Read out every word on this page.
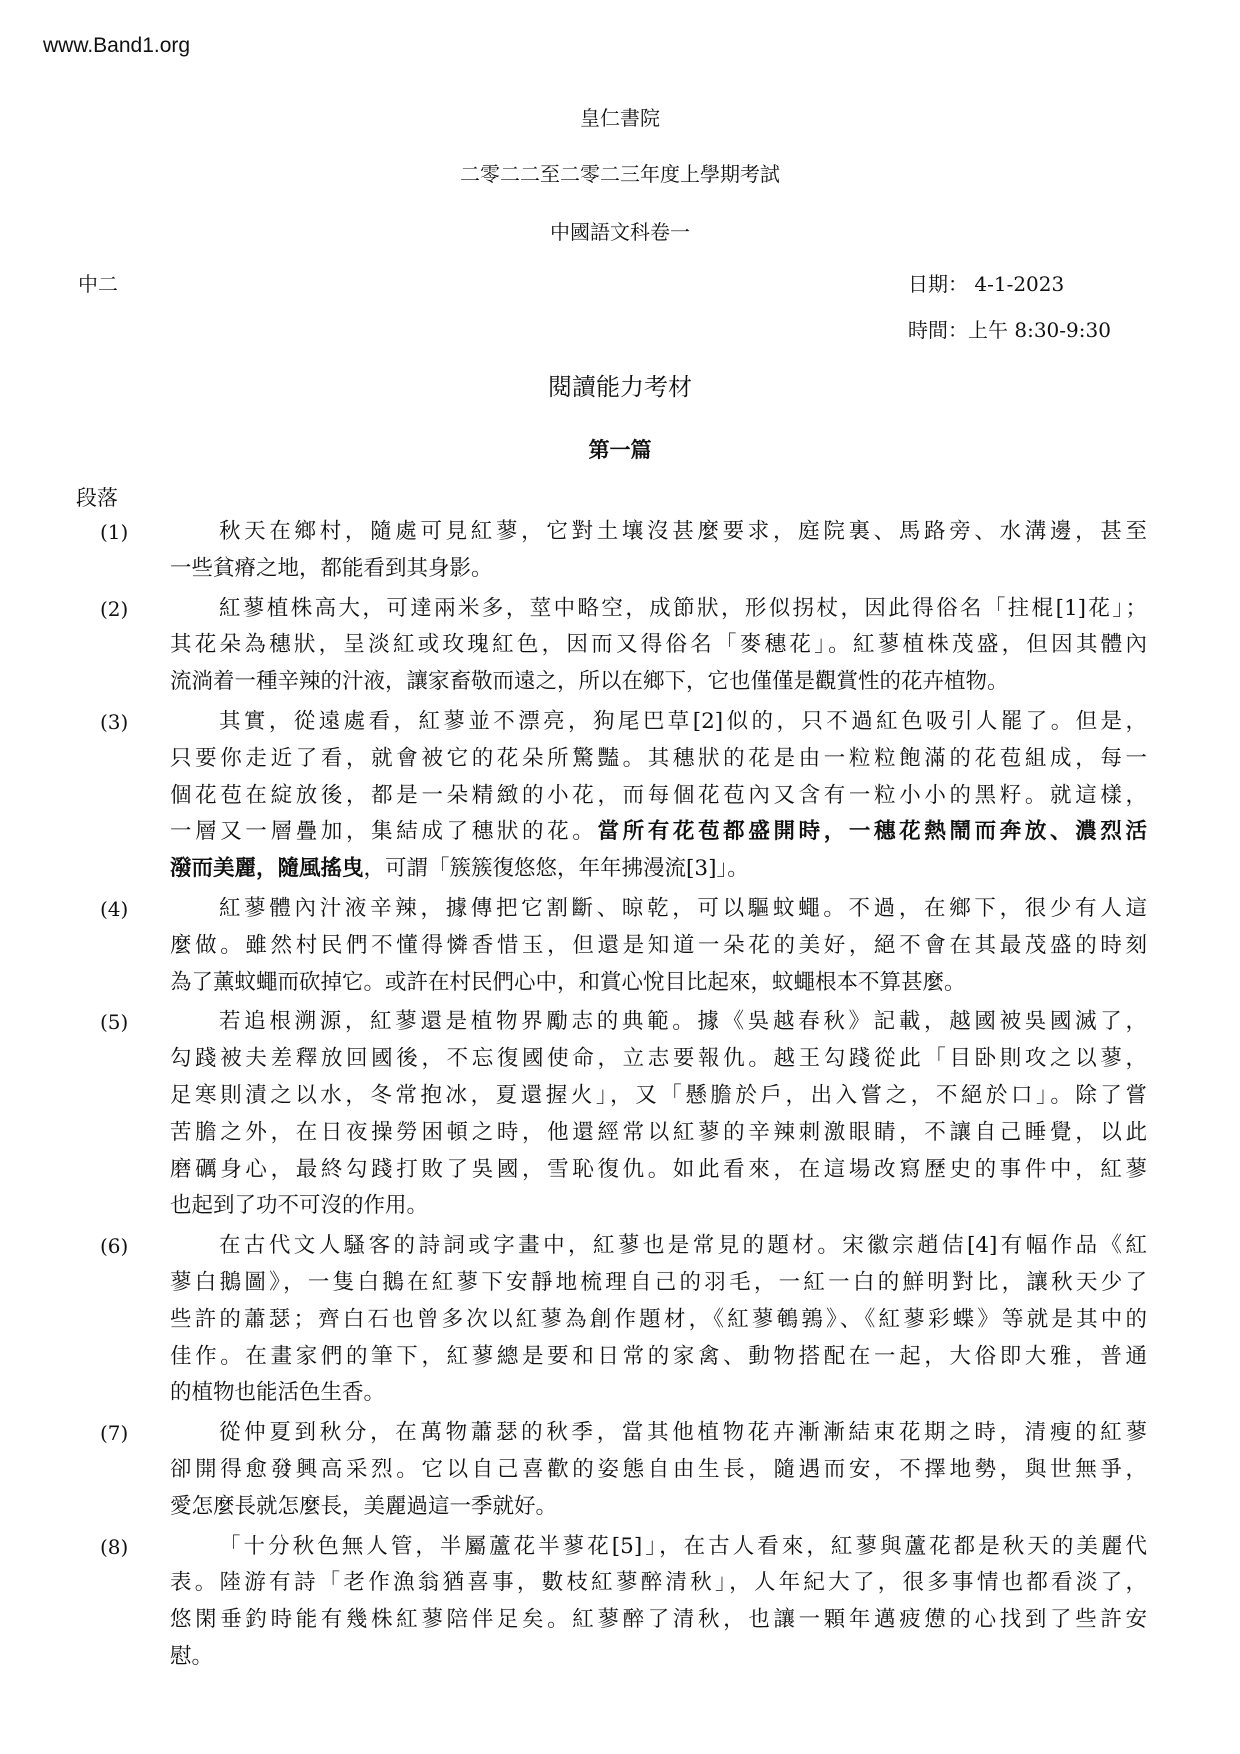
www.Band1.org
皇仁書院
二零二二至二零二三年度上學期考試
中國語文科卷一
中二	日期： 4-1-2023
時間：上午 8:30-9:30
閱讀能力考材
第一篇
段落
(1)	秋天在鄉村，隨處可見紅蓼，它對土壤沒甚麼要求，庭院裏、馬路旁、水溝邊，甚至
一些貧瘠之地，都能看到其身影。
(2)	紅蓼植株高大，可達兩米多，莖中略空，成節狀，形似拐杖，因此得俗名「拄棍[1]花」；
其花朵為穗狀，呈淡紅或玫瑰紅色，因而又得俗名「麥穗花」。紅蓼植株茂盛，但因其體內
流淌着一種辛辣的汁液，讓家畜敬而遠之，所以在鄉下，它也僅僅是觀賞性的花卉植物。
(3)	其實，從遠處看，紅蓼並不漂亮，狗尾巴草[2]似的，只不過紅色吸引人罷了。但是，
只要你走近了看，就會被它的花朵所驚豔。其穗狀的花是由一粒粒飽滿的花苞組成，每一
個花苞在綻放後，都是一朵精緻的小花，而每個花苞內又含有一粒小小的黑籽。就這樣，
一層又一層疊加，集結成了穗狀的花。當所有花苞都盛開時，一穗花熱鬧而奔放、濃烈活
潑而美麗，隨風搖曳，可謂「簇簇復悠悠，年年拂漫流[3]」。
(4)	紅蓼體內汁液辛辣，據傳把它割斷、晾乾，可以驅蚊蠅。不過，在鄉下，很少有人這
麼做。雖然村民們不懂得憐香惜玉，但還是知道一朵花的美好，絕不會在其最茂盛的時刻
為了薰蚊蠅而砍掉它。或許在村民們心中，和賞心悅目比起來，蚊蠅根本不算甚麼。
(5)	若追根溯源，紅蓼還是植物界勵志的典範。據《吳越春秋》記載，越國被吳國滅了，
勾踐被夫差釋放回國後，不忘復國使命，立志要報仇。越王勾踐從此「目卧則攻之以蓼，
足寒則漬之以水，冬常抱冰，夏還握火」，又「懸膽於戶，出入嘗之，不絕於口」。除了嘗
苦膽之外，在日夜操勞困頓之時，他還經常以紅蓼的辛辣刺激眼睛，不讓自己睡覺，以此
磨礪身心，最終勾踐打敗了吳國，雪恥復仇。如此看來，在這場改寫歷史的事件中，紅蓼
也起到了功不可沒的作用。
(6)	在古代文人騷客的詩詞或字畫中，紅蓼也是常見的題材。宋徽宗趙佶[4]有幅作品《紅
蓼白鵝圖》，一隻白鵝在紅蓼下安靜地梳理自己的羽毛，一紅一白的鮮明對比，讓秋天少了
些許的蕭瑟；齊白石也曾多次以紅蓼為創作題材，《紅蓼鵪鶉》、《紅蓼彩蝶》等就是其中的
佳作。在畫家們的筆下，紅蓼總是要和日常的家禽、動物搭配在一起，大俗即大雅，普通
的植物也能活色生香。
(7)	從仲夏到秋分，在萬物蕭瑟的秋季，當其他植物花卉漸漸結束花期之時，清瘦的紅蓼
卻開得愈發興高采烈。它以自己喜歡的姿態自由生長，隨遇而安，不擇地勢，與世無爭，
愛怎麼長就怎麼長，美麗過這一季就好。
(8)	「十分秋色無人管，半屬蘆花半蓼花[5]」，在古人看來，紅蓼與蘆花都是秋天的美麗代
表。陸游有詩「老作漁翁猶喜事，數枝紅蓼醉清秋」，人年紀大了，很多事情也都看淡了，
悠閑垂釣時能有幾株紅蓼陪伴足矣。紅蓼醉了清秋，也讓一顆年邁疲憊的心找到了些許安
慰。
